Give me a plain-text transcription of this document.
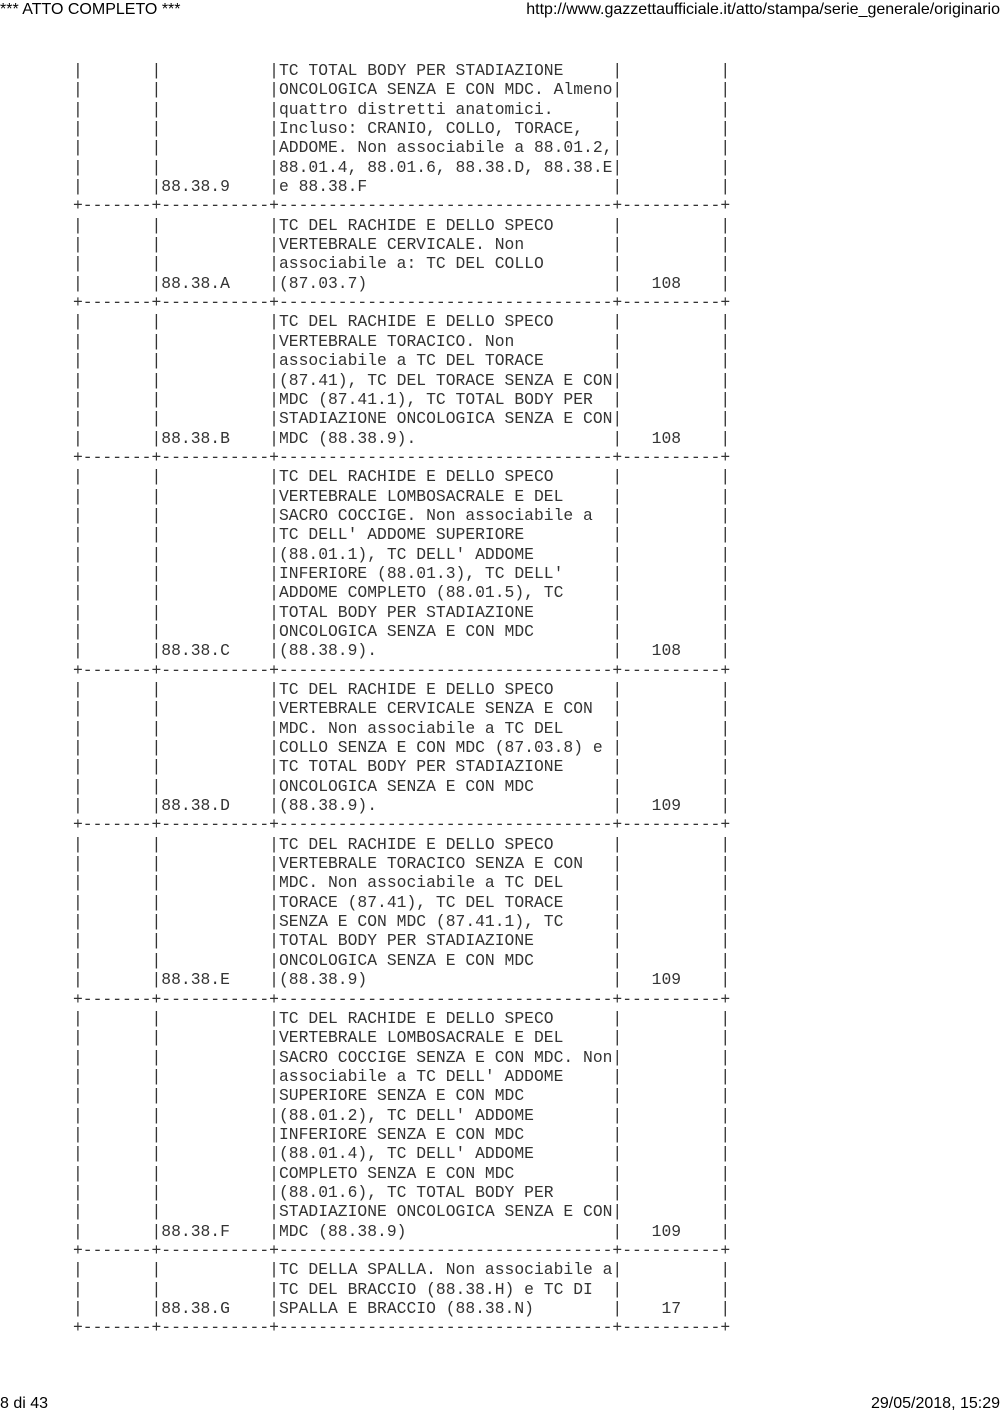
*** ATTO COMPLETO ***	http://www.gazzettaufficiale.it/atto/stampa/serie_generale/originario
|       |           |TC TOTAL BODY PER STADIAZIONE     |          |
|       |           |ONCOLOGICA SENZA E CON MDC. Almeno|          |
|       |           |quattro distretti anatomici.      |          |
|       |           |Incluso: CRANIO, COLLO, TORACE,   |          |
|       |           |ADDOME. Non associabile a 88.01.2,|          |
|       |           |88.01.4, 88.01.6, 88.38.D, 88.38.E|          |
|       |88.38.9    |e 88.38.F                         |          |
+-------+-----------+----------------------------------+----------+
|       |           |TC DEL RACHIDE E DELLO SPECO      |          |
|       |           |VERTEBRALE CERVICALE. Non         |          |
|       |           |associabile a: TC DEL COLLO       |          |
|       |88.38.A    |(87.03.7)                         |   108    |
+-------+-----------+----------------------------------+----------+
|       |           |TC DEL RACHIDE E DELLO SPECO      |          |
|       |           |VERTEBRALE TORACICO. Non          |          |
|       |           |associabile a TC DEL TORACE       |          |
|       |           |(87.41), TC DEL TORACE SENZA E CON|          |
|       |           |MDC (87.41.1), TC TOTAL BODY PER  |          |
|       |           |STADIAZIONE ONCOLOGICA SENZA E CON|          |
|       |88.38.B    |MDC (88.38.9).                    |   108    |
+-------+-----------+----------------------------------+----------+
|       |           |TC DEL RACHIDE E DELLO SPECO      |          |
|       |           |VERTEBRALE LOMBOSACRALE E DEL     |          |
|       |           |SACRO COCCIGE. Non associabile a  |          |
|       |           |TC DELL' ADDOME SUPERIORE         |          |
|       |           |(88.01.1), TC DELL' ADDOME        |          |
|       |           |INFERIORE (88.01.3), TC DELL'     |          |
|       |           |ADDOME COMPLETO (88.01.5), TC     |          |
|       |           |TOTAL BODY PER STADIAZIONE        |          |
|       |           |ONCOLOGICA SENZA E CON MDC        |          |
|       |88.38.C    |(88.38.9).                        |   108    |
+-------+-----------+----------------------------------+----------+
|       |           |TC DEL RACHIDE E DELLO SPECO      |          |
|       |           |VERTEBRALE CERVICALE SENZA E CON  |          |
|       |           |MDC. Non associabile a TC DEL     |          |
|       |           |COLLO SENZA E CON MDC (87.03.8) e |          |
|       |           |TC TOTAL BODY PER STADIAZIONE     |          |
|       |           |ONCOLOGICA SENZA E CON MDC        |          |
|       |88.38.D    |(88.38.9).                        |   109    |
+-------+-----------+----------------------------------+----------+
|       |           |TC DEL RACHIDE E DELLO SPECO      |          |
|       |           |VERTEBRALE TORACICO SENZA E CON   |          |
|       |           |MDC. Non associabile a TC DEL     |          |
|       |           |TORACE (87.41), TC DEL TORACE     |          |
|       |           |SENZA E CON MDC (87.41.1), TC     |          |
|       |           |TOTAL BODY PER STADIAZIONE        |          |
|       |           |ONCOLOGICA SENZA E CON MDC        |          |
|       |88.38.E    |(88.38.9)                         |   109    |
+-------+-----------+----------------------------------+----------+
|       |           |TC DEL RACHIDE E DELLO SPECO      |          |
|       |           |VERTEBRALE LOMBOSACRALE E DEL     |          |
|       |           |SACRO COCCIGE SENZA E CON MDC. Non|          |
|       |           |associabile a TC DELL' ADDOME     |          |
|       |           |SUPERIORE SENZA E CON MDC         |          |
|       |           |(88.01.2), TC DELL' ADDOME        |          |
|       |           |INFERIORE SENZA E CON MDC         |          |
|       |           |(88.01.4), TC DELL' ADDOME        |          |
|       |           |COMPLETO SENZA E CON MDC          |          |
|       |           |(88.01.6), TC TOTAL BODY PER      |          |
|       |           |STADIAZIONE ONCOLOGICA SENZA E CON|          |
|       |88.38.F    |MDC (88.38.9)                     |   109    |
+-------+-----------+----------------------------------+----------+
|       |           |TC DELLA SPALLA. Non associabile a|          |
|       |           |TC DEL BRACCIO (88.38.H) e TC DI  |          |
|       |88.38.G    |SPALLA E BRACCIO (88.38.N)        |    17    |
+-------+-----------+----------------------------------+----------+
8 di 43	29/05/2018, 15:29
